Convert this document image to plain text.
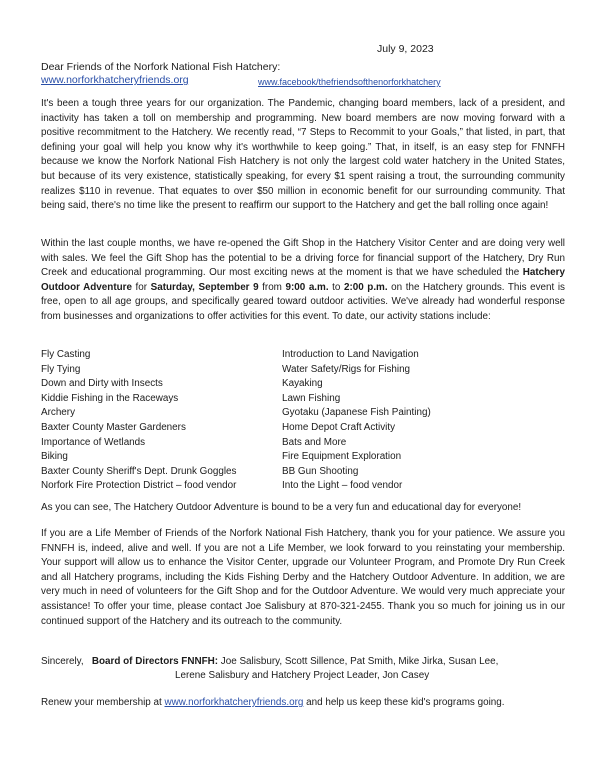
July 9, 2023
Dear Friends of the Norfork National Fish Hatchery:
www.norforkhatcheryfriends.org	www.facebook/thefriendsofthenorforkhatchery
It's been a tough three years for our organization. The Pandemic, changing board members, lack of a president, and inactivity has taken a toll on membership and programming. New board members are now moving forward with a positive recommitment to the Hatchery. We recently read, “7 Steps to Recommit to your Goals,” that listed, in part, that defining your goal will help you know why it's worthwhile to keep going.” That, in itself, is an easy step for FNNFH because we know the Norfork National Fish Hatchery is not only the largest cold water hatchery in the United States, but because of its very existence, statistically speaking, for every $1 spent raising a trout, the surrounding community realizes $110 in revenue. That equates to over $50 million in economic benefit for our surrounding community. That being said, there's no time like the present to reaffirm our support to the Hatchery and get the ball rolling once again!
Within the last couple months, we have re-opened the Gift Shop in the Hatchery Visitor Center and are doing very well with sales. We feel the Gift Shop has the potential to be a driving force for financial support of the Hatchery, Dry Run Creek and educational programming. Our most exciting news at the moment is that we have scheduled the Hatchery Outdoor Adventure for Saturday, September 9 from 9:00 a.m. to 2:00 p.m. on the Hatchery grounds. This event is free, open to all age groups, and specifically geared toward outdoor activities. We've already had wonderful response from businesses and organizations to offer activities for this event. To date, our activity stations include:
Fly Casting
Fly Tying
Down and Dirty with Insects
Kiddie Fishing in the Raceways
Archery
Baxter County Master Gardeners
Importance of Wetlands
Biking
Baxter County Sheriff's Dept. Drunk Goggles
Norfork Fire Protection District – food vendor
Introduction to Land Navigation
Water Safety/Rigs for Fishing
Kayaking
Lawn Fishing
Gyotaku (Japanese Fish Painting)
Home Depot Craft Activity
Bats and More
Fire Equipment Exploration
BB Gun Shooting
Into the Light – food vendor
As you can see, The Hatchery Outdoor Adventure is bound to be a very fun and educational day for everyone!
If you are a Life Member of Friends of the Norfork National Fish Hatchery, thank you for your patience. We assure you FNNFH is, indeed, alive and well. If you are not a Life Member, we look forward to you reinstating your membership. Your support will allow us to enhance the Visitor Center, upgrade our Volunteer Program, and Promote Dry Run Creek and all Hatchery programs, including the Kids Fishing Derby and the Hatchery Outdoor Adventure. In addition, we are very much in need of volunteers for the Gift Shop and for the Outdoor Adventure. We would very much appreciate your assistance! To offer your time, please contact Joe Salisbury at 870-321-2455. Thank you so much for joining us in our continued support of the Hatchery and its outreach to the community.
Sincerely, Board of Directors FNNFH: Joe Salisbury, Scott Sillence, Pat Smith, Mike Jirka, Susan Lee,
Lerene Salisbury and Hatchery Project Leader, Jon Casey
Renew your membership at www.norforkhatcheryfriends.org and help us keep these kid's programs going.
